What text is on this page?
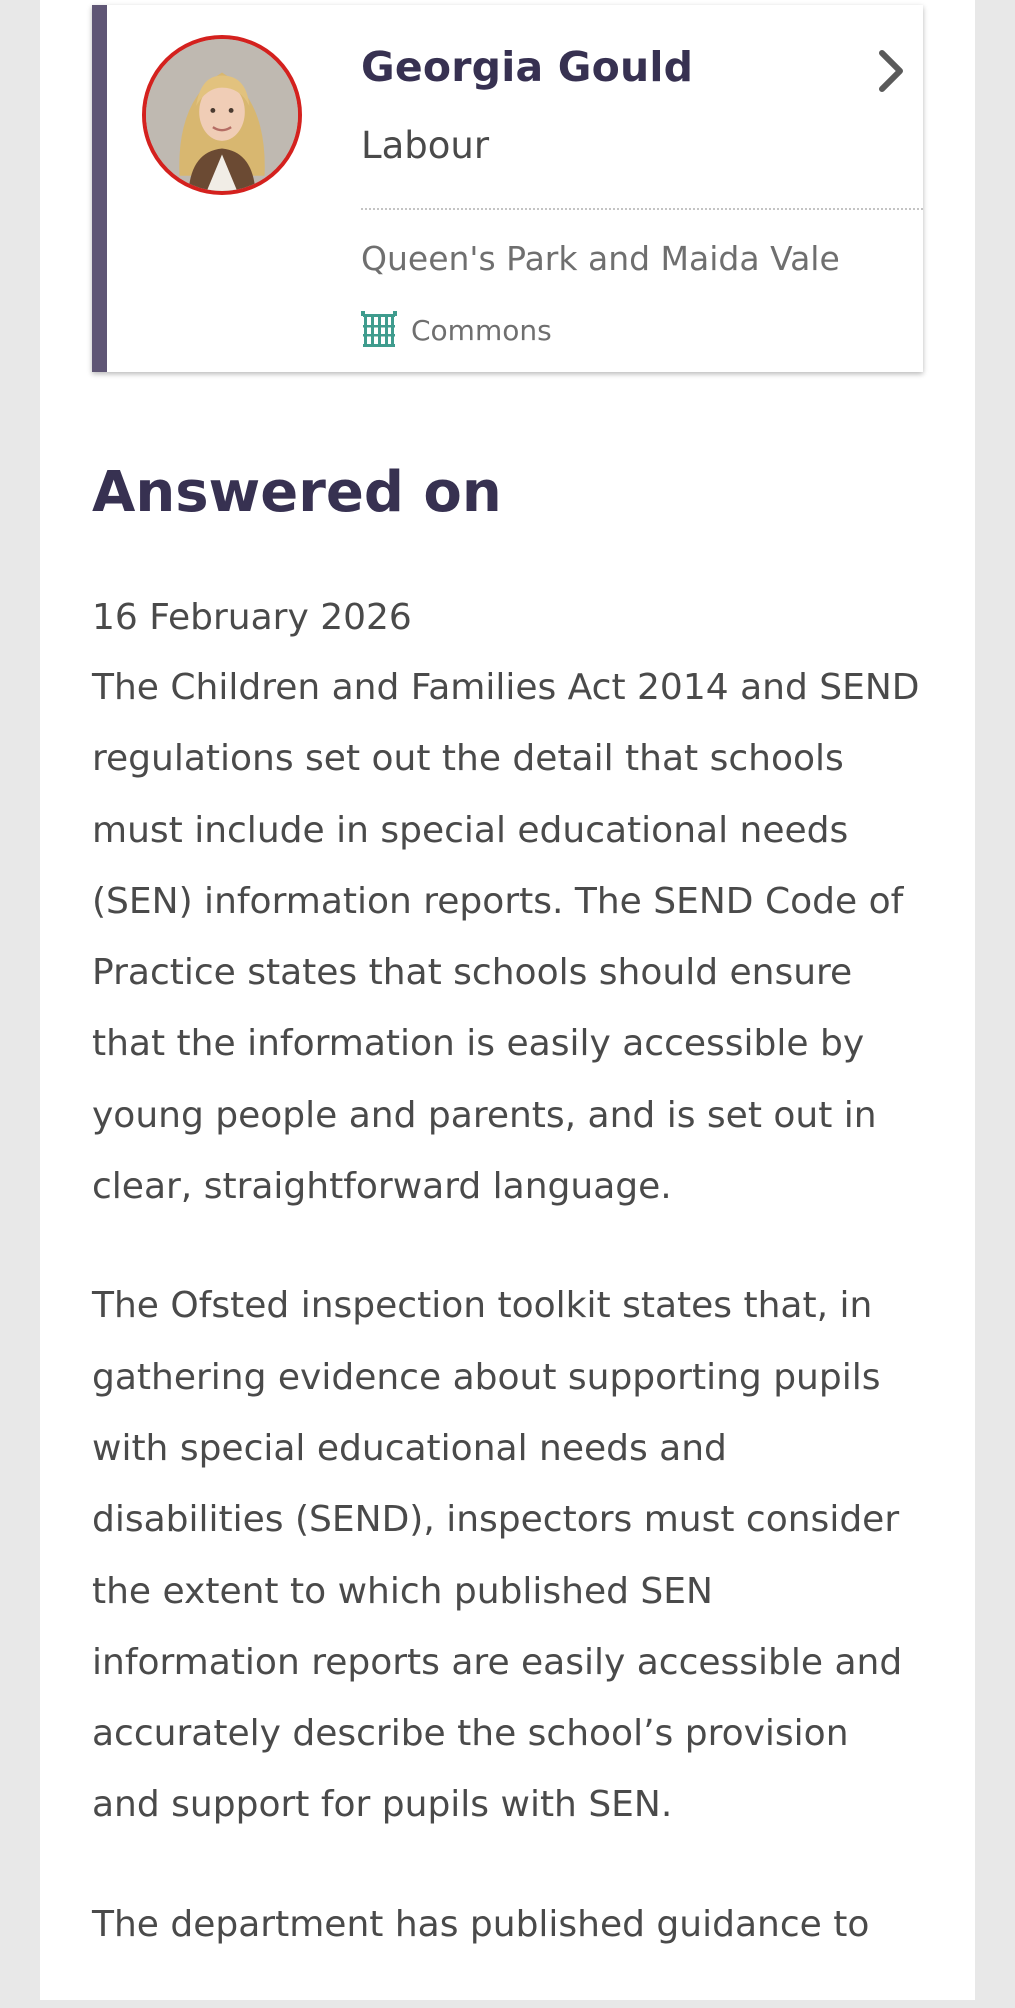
Georgia Gould
Labour
Queen's Park and Maida Vale
Commons
Answered on
16 February 2026

The Children and Families Act 2014 and SEND regulations set out the detail that schools must include in special educational needs (SEN) information reports. The SEND Code of Practice states that schools should ensure that the information is easily accessible by young people and parents, and is set out in clear, straightforward language.

The Ofsted inspection toolkit states that, in gathering evidence about supporting pupils with special educational needs and disabilities (SEND), inspectors must consider the extent to which published SEN information reports are easily accessible and accurately describe the school’s provision and support for pupils with SEN.

The department has published guidance to
